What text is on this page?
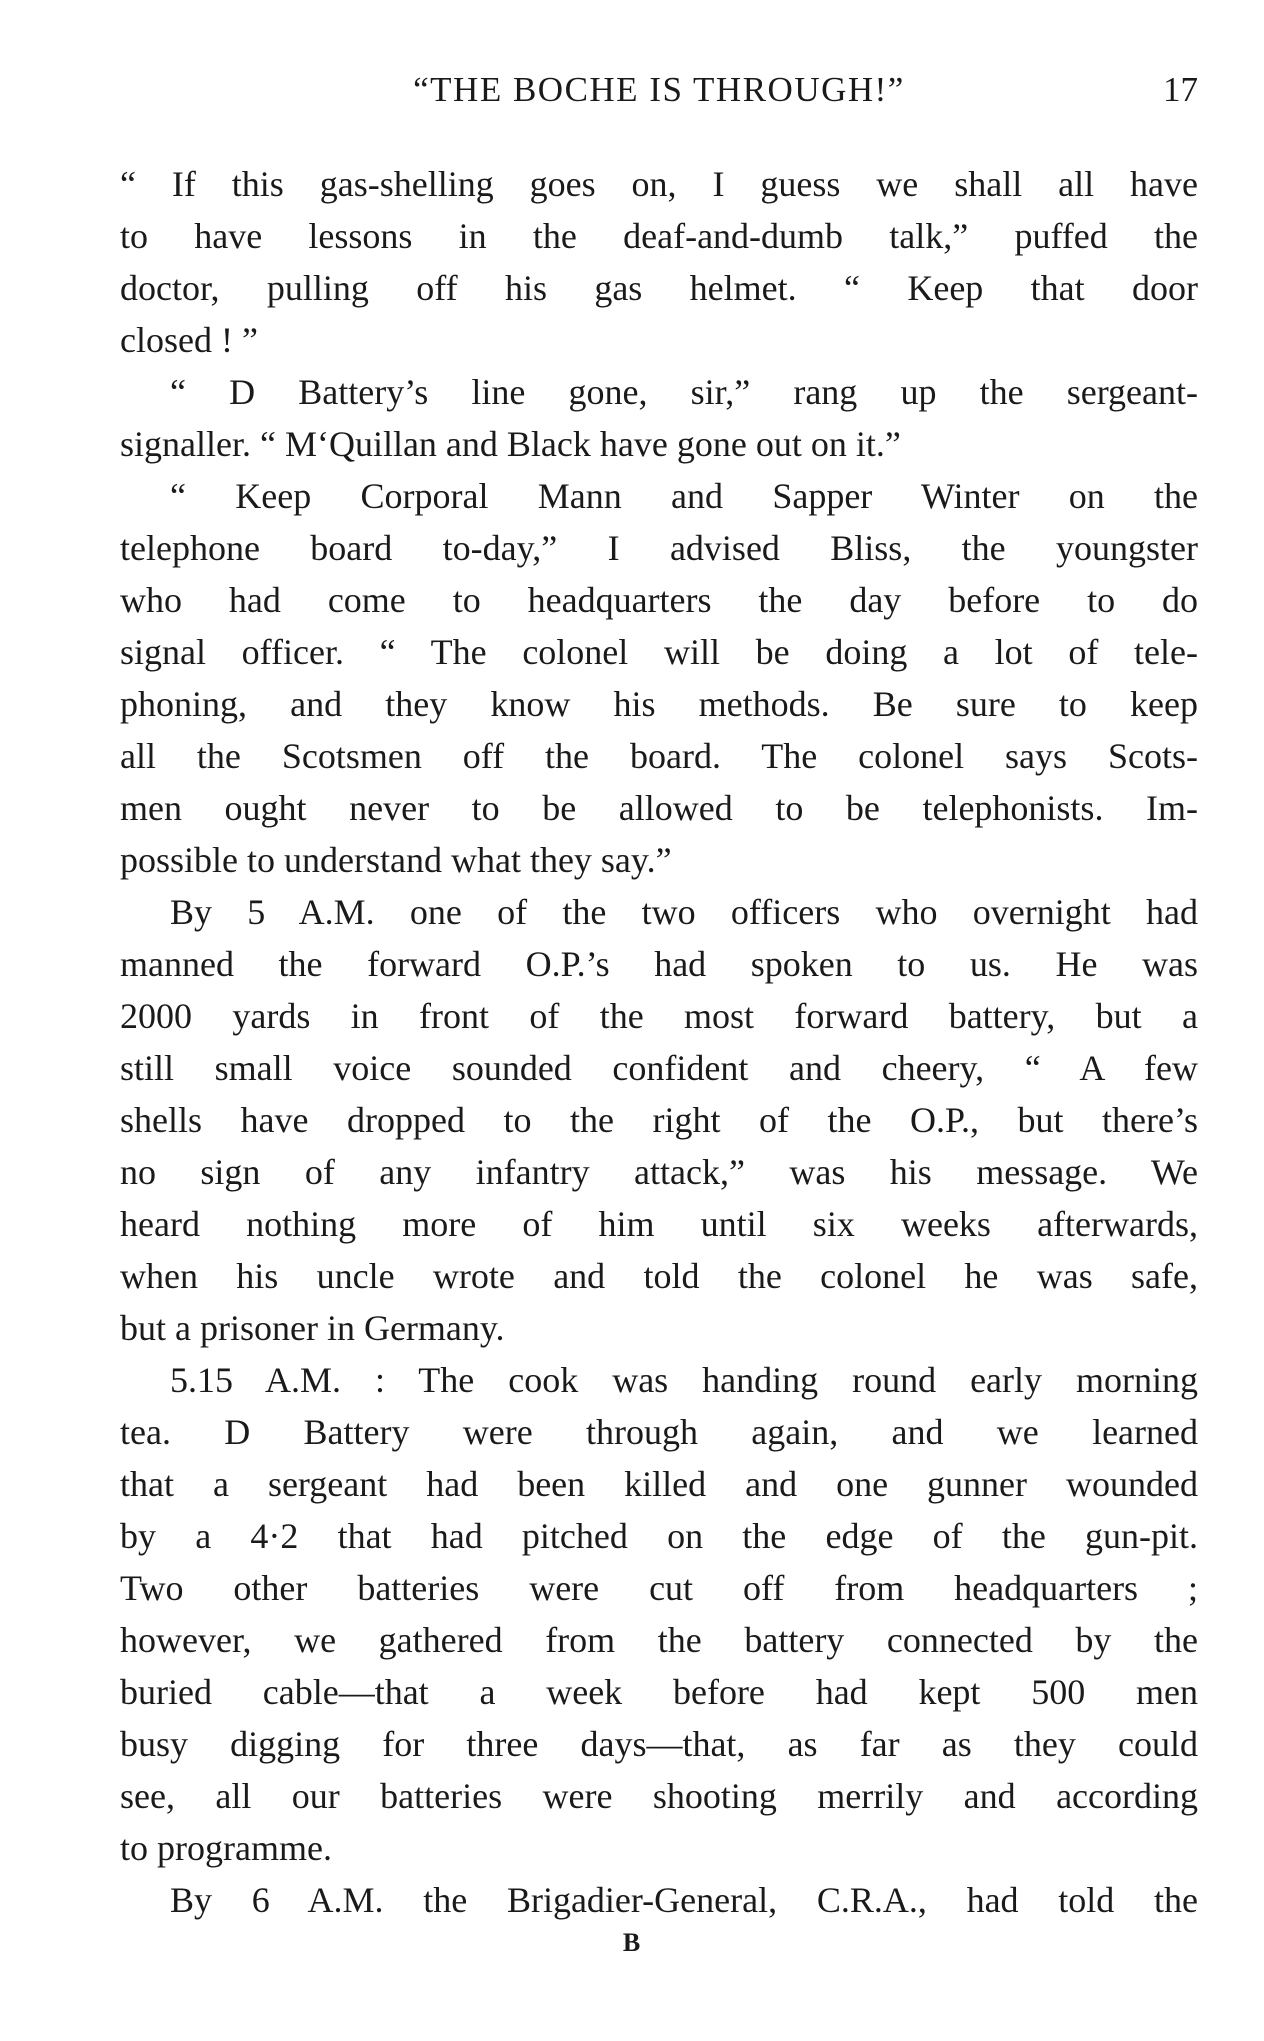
“THE BOCHE IS THROUGH!”	17
“ If this gas-shelling goes on, I guess we shall all have
to have lessons in the deaf-and-dumb talk,” puffed the
doctor, pulling off his gas helmet. “ Keep that door
closed ! ”
“ D Battery’s line gone, sir,” rang up the sergeant-
signaller. “ M‘Quillan and Black have gone out on it.”
“ Keep Corporal Mann and Sapper Winter on the
telephone board to-day,” I advised Bliss, the youngster
who had come to headquarters the day before to do
signal officer. “ The colonel will be doing a lot of tele-
phoning, and they know his methods. Be sure to keep
all the Scotsmen off the board. The colonel says Scots-
men ought never to be allowed to be telephonists. Im-
possible to understand what they say.”
By 5 A.M. one of the two officers who overnight had
manned the forward O.P.’s had spoken to us. He was
2000 yards in front of the most forward battery, but a
still small voice sounded confident and cheery, “ A few
shells have dropped to the right of the O.P., but there’s
no sign of any infantry attack,” was his message. We
heard nothing more of him until six weeks afterwards,
when his uncle wrote and told the colonel he was safe,
but a prisoner in Germany.
5.15 A.M. : The cook was handing round early morning
tea. D Battery were through again, and we learned
that a sergeant had been killed and one gunner wounded
by a 4·2 that had pitched on the edge of the gun-pit.
Two other batteries were cut off from headquarters ;
however, we gathered from the battery connected by the
buried cable—that a week before had kept 500 men
busy digging for three days—that, as far as they could
see, all our batteries were shooting merrily and according
to programme.
By 6 A.M. the Brigadier-General, C.R.A., had told the
B
